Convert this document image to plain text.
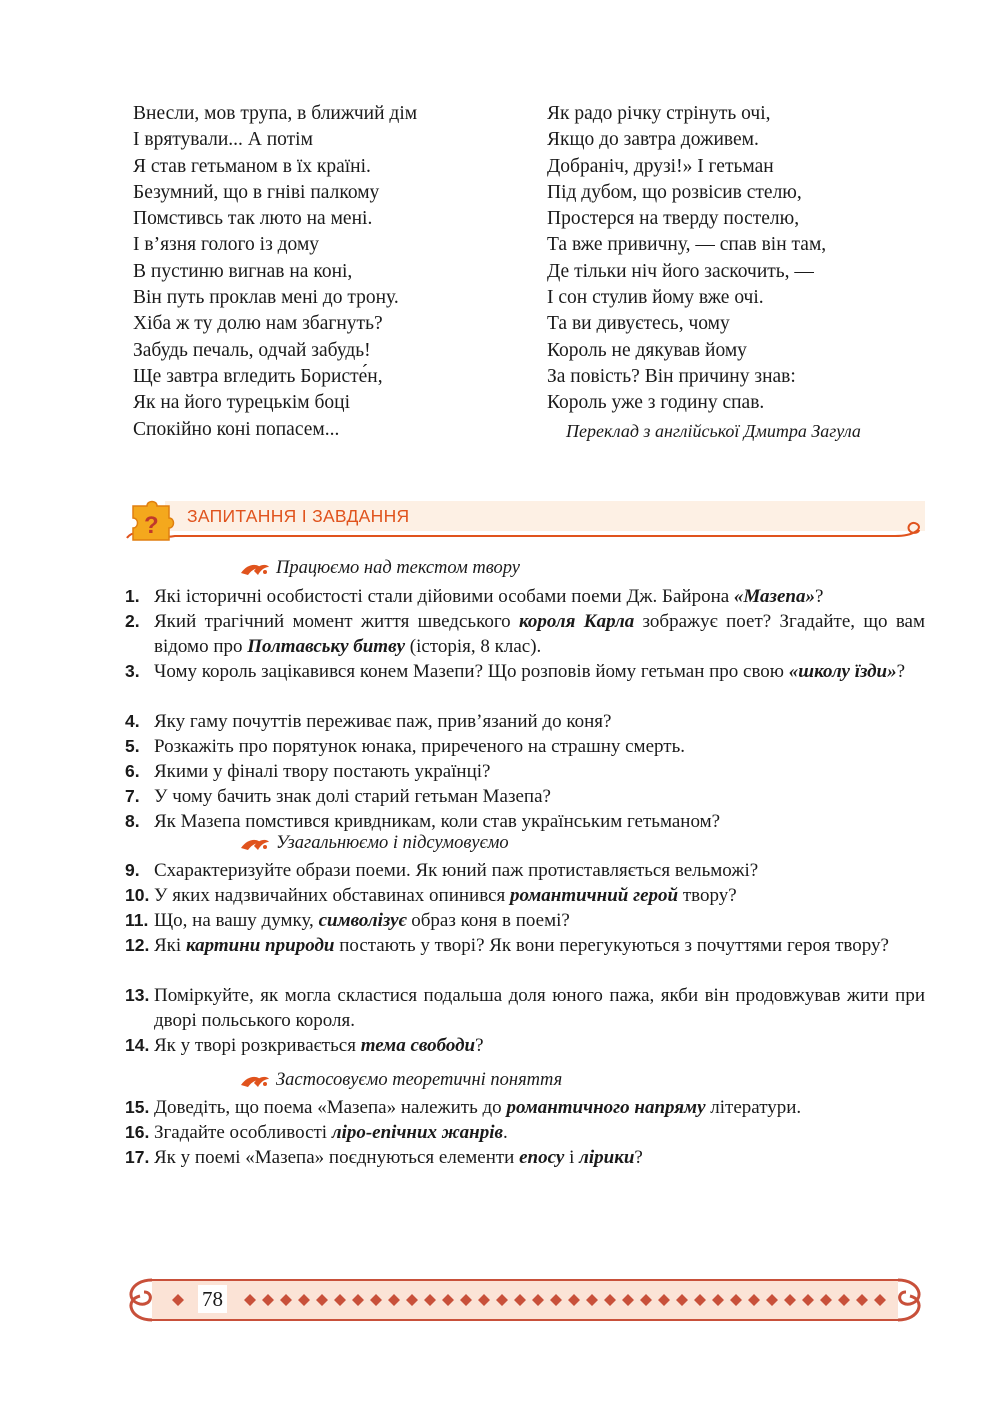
Внесли, мов трупа, в ближчий дім
І врятували... А потім
Я став гетьманом в їх країні.
Безумний, що в гніві палкому
Помстивсь так люто на мені.
І в’язня голого із дому
В пустиню вигнав на коні,
Він путь проклав мені до трону.
Хіба ж ту долю нам збагнуть?
Забудь печаль, одчай забудь!
Ще завтра вгледить Бористе́н,
Як на його турецькім боці
Спокійно коні попасем...
Як радо річку стрінуть очі,
Якщо до завтра доживем.
Добраніч, друзі!» І гетьман
Під дубом, що розвісив стелю,
Простерся на тверду постелю,
Та вже привичну, — спав він там,
Де тільки ніч його заскочить, —
І сон стулив йому вже очі.
Та ви дивуєтесь, чому
Король не дякував йому
За повість? Він причину знав:
Король уже з годину спав.
Переклад з англійської Дмитра Загула
? ЗАПИТАННЯ І ЗАВДАННЯ
Працюємо над текстом твору
Узагальнюємо і підсумовуємо
Застосовуємо теоретичні поняття
1. Які історичні особистості стали дійовими особами поеми Дж. Байрона «Мазепа»?
2. Який трагічний момент життя шведського короля Карла зображує поет? Згадайте, що вам відомо про Полтавську битву (історія, 8 клас).
3. Чому король зацікавився конем Мазепи? Що розповів йому гетьман про свою «школу їзди»?
4. Яку гаму почуттів переживає паж, прив’язаний до коня?
5. Розкажіть про порятунок юнака, приреченого на страшну смерть.
6. Якими у фіналі твору постають українці?
7. У чому бачить знак долі старий гетьман Мазепа?
8. Як Мазепа помстився кривдникам, коли став українським гетьманом?
9. Схарактеризуйте образи поеми. Як юний паж протиставляється вельможі?
10. У яких надзвичайних обставинах опинився романтичний герой твору?
11. Що, на вашу думку, символізує образ коня в поемі?
12. Які картини природи постають у творі? Як вони перегукуються з почуттями героя твору?
13. Поміркуйте, як могла скластися подальша доля юного пажа, якби він продовжував жити при дворі польського короля.
14. Як у творі розкривається тема свободи?
15. Доведіть, що поема «Мазепа» належить до романтичного напряму літератури.
16. Згадайте особливості ліро-епічних жанрів.
17. Як у поемі «Мазепа» поєднуються елементи епосу і лірики?
78
